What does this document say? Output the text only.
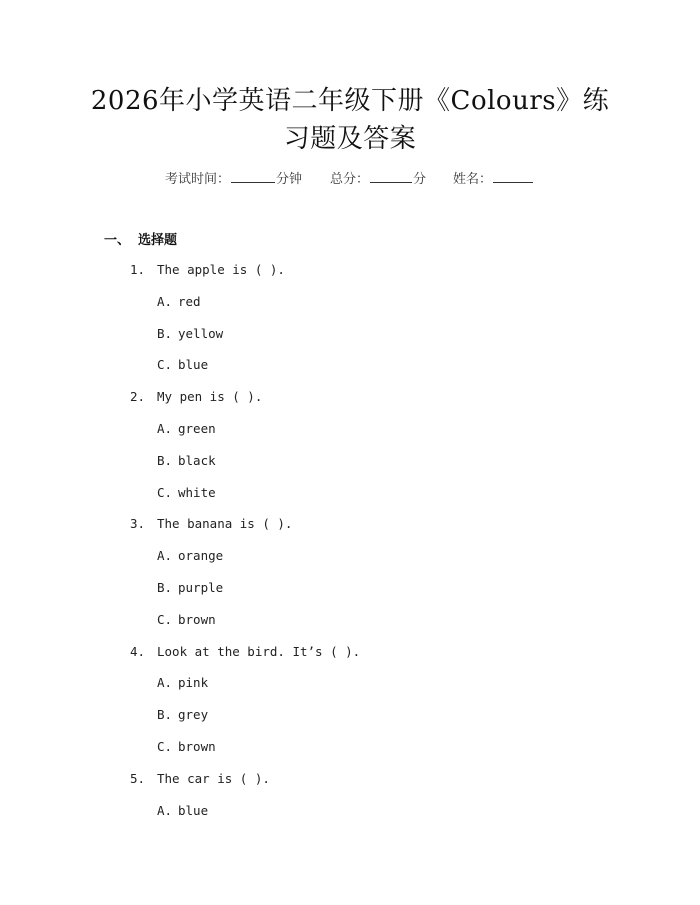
2026年小学英语二年级下册《Colours》练习题及答案
考试时间：	分钟 总分：	分 姓名：
一、 选择题
1. The apple is ( ).
A. red
B. yellow
C. blue
2. My pen is ( ).
A. green
B. black
C. white
3. The banana is ( ).
A. orange
B. purple
C. brown
4. Look at the bird. It’s ( ).
A. pink
B. grey
C. brown
5. The car is ( ).
A. blue
